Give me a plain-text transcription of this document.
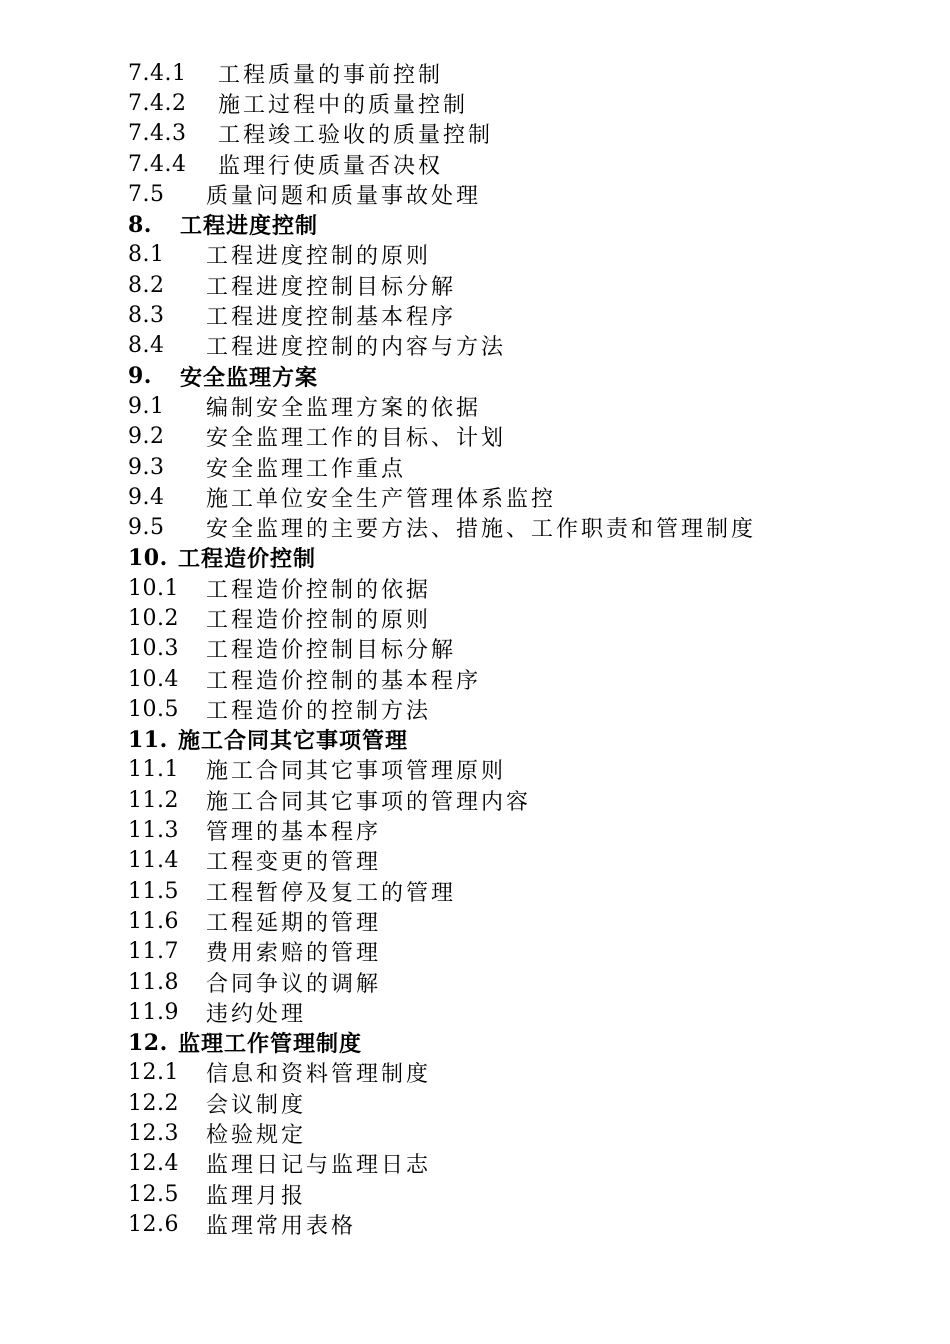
7.4.1	工程质量的事前控制
7.4.2	施工过程中的质量控制
7.4.3	工程竣工验收的质量控制
7.4.4	监理行使质量否决权
7.5	质量问题和质量事故处理
8.	工程进度控制
8.1	工程进度控制的原则
8.2	工程进度控制目标分解
8.3	工程进度控制基本程序
8.4	工程进度控制的内容与方法
9.	安全监理方案
9.1	编制安全监理方案的依据
9.2	安全监理工作的目标、计划
9.3	安全监理工作重点
9.4	施工单位安全生产管理体系监控
9.5	安全监理的主要方法、措施、工作职责和管理制度
10. 工程造价控制
10.1	工程造价控制的依据
10.2	工程造价控制的原则
10.3	工程造价控制目标分解
10.4	工程造价控制的基本程序
10.5	工程造价的控制方法
11. 施工合同其它事项管理
11.1	施工合同其它事项管理原则
11.2	施工合同其它事项的管理内容
11.3	管理的基本程序
11.4	工程变更的管理
11.5	工程暂停及复工的管理
11.6	工程延期的管理
11.7	费用索赔的管理
11.8	合同争议的调解
11.9	违约处理
12. 监理工作管理制度
12.1	信息和资料管理制度
12.2	会议制度
12.3	检验规定
12.4	监理日记与监理日志
12.5	监理月报
12.6	监理常用表格
